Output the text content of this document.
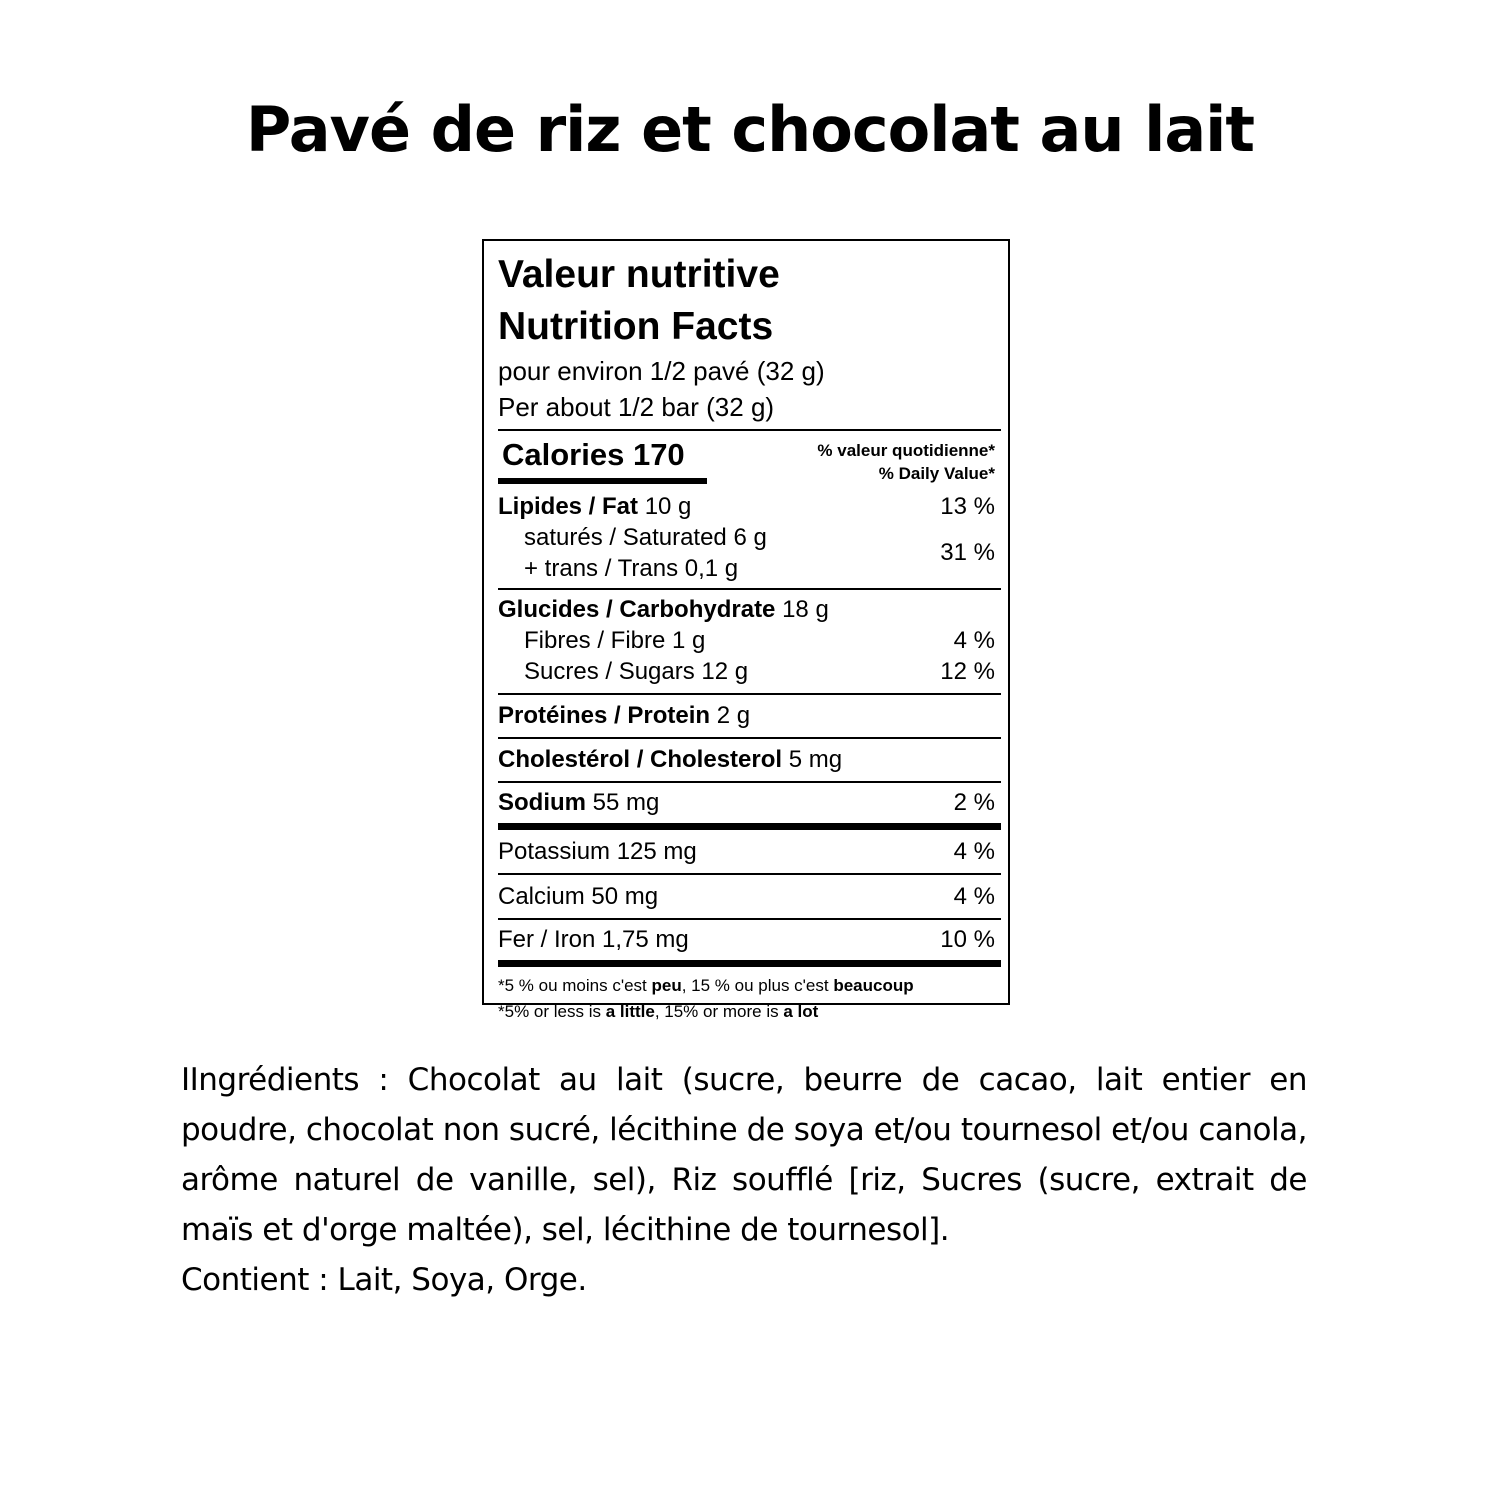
Pavé de riz et chocolat au lait
Valeur nutritive
Nutrition Facts
pour environ 1/2 pavé (32 g)
Per about 1/2 bar (32 g)
Calories 170	% valeur quotidienne*
% Daily Value*
Lipides / Fat 10 g	13 %
saturés / Saturated 6 g
+ trans / Trans 0,1 g
31 %
Glucides / Carbohydrate 18 g
Fibres / Fibre 1 g	4 %
Sucres / Sugars 12 g	12 %
Protéines / Protein 2 g
Cholestérol / Cholesterol 5 mg
Sodium 55 mg	2 %
Potassium 125 mg	4 %
Calcium 50 mg	4 %
Fer / Iron 1,75 mg	10 %
*5 % ou moins c'est peu, 15 % ou plus c'est beaucoup
*5% or less is a little, 15% or more is a lot
IIngrédients : Chocolat au lait (sucre, beurre de cacao, lait entier en poudre, chocolat non sucré, lécithine de soya et/ou tournesol et/ou canola, arôme naturel de vanille, sel), Riz soufflé [riz, Sucres (sucre, extrait de maïs et d'orge maltée), sel, lécithine de tournesol].
Contient : Lait, Soya, Orge.
